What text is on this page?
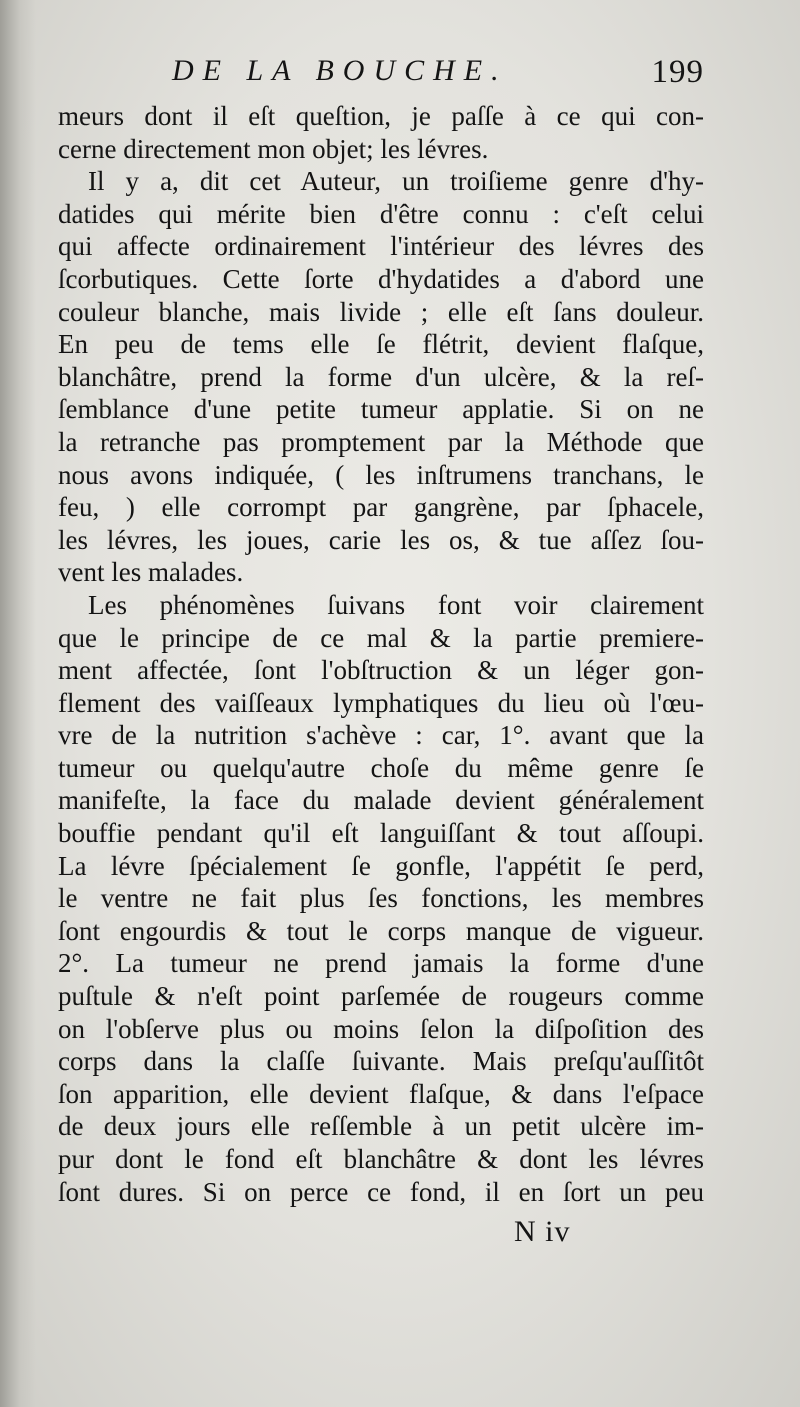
DE LA BOUCHE.	199
meurs dont il eſt queſtion, je paſſe à ce qui con-
cerne directement mon objet; les lévres.
Il y a, dit cet Auteur, un troiſieme genre d'hy-
datides qui mérite bien d'être connu : c'eſt celui
qui affecte ordinairement l'intérieur des lévres des
ſcorbutiques. Cette ſorte d'hydatides a d'abord une
couleur blanche, mais livide ; elle eſt ſans douleur.
En peu de tems elle ſe flétrit, devient flaſque,
blanchâtre, prend la forme d'un ulcère, & la reſ-
ſemblance d'une petite tumeur applatie. Si on ne
la retranche pas promptement par la Méthode que
nous avons indiquée, ( les inſtrumens tranchans, le
feu, ) elle corrompt par gangrène, par ſphacele,
les lévres, les joues, carie les os, & tue aſſez ſou-
vent les malades.
Les phénomènes ſuivans font voir clairement
que le principe de ce mal & la partie premiere-
ment affectée, ſont l'obſtruction & un léger gon-
flement des vaiſſeaux lymphatiques du lieu où l'œu-
vre de la nutrition s'achève : car, 1°. avant que la
tumeur ou quelqu'autre choſe du même genre ſe
manifeſte, la face du malade devient généralement
bouffie pendant qu'il eſt languiſſant & tout aſſoupi.
La lévre ſpécialement ſe gonfle, l'appétit ſe perd,
le ventre ne fait plus ſes fonctions, les membres
ſont engourdis & tout le corps manque de vigueur.
2°. La tumeur ne prend jamais la forme d'une
puſtule & n'eſt point parſemée de rougeurs comme
on l'obſerve plus ou moins ſelon la diſpoſition des
corps dans la claſſe ſuivante. Mais preſqu'auſſitôt
ſon apparition, elle devient flaſque, & dans l'eſpace
de deux jours elle reſſemble à un petit ulcère im-
pur dont le fond eſt blanchâtre & dont les lévres
ſont dures. Si on perce ce fond, il en ſort un peu
N iv
